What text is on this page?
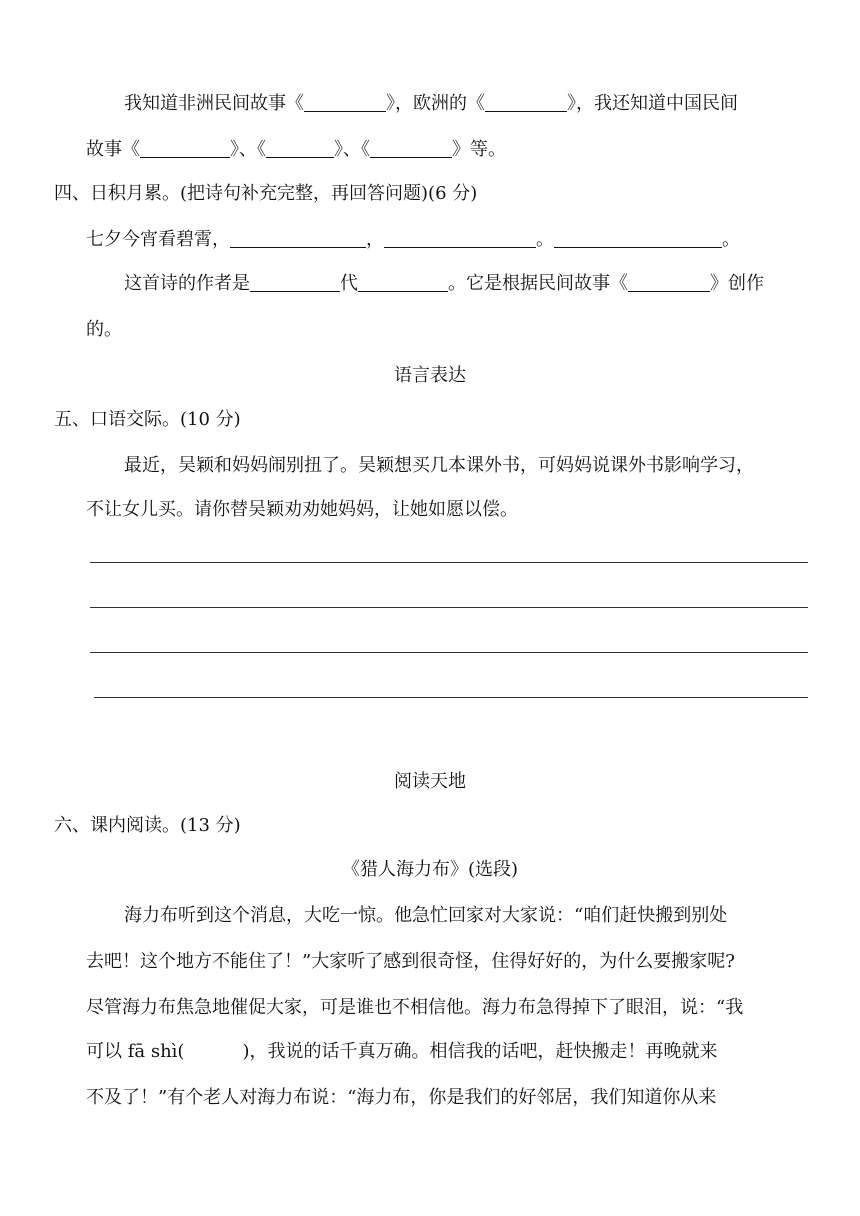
我知道非洲民间故事《	》，欧洲的《	》，我还知道中国民间
故事《	》、《	》、《	》等。
四、日积月累。(把诗句补充完整，再回答问题)(6 分)
七夕今宵看碧霄，	，	。	。
这首诗的作者是	代	。它是根据民间故事《	》创作
的。
语言表达
五、口语交际。(10 分)
最近，吴颖和妈妈闹别扭了。吴颖想买几本课外书，可妈妈说课外书影响学习，
不让女儿买。请你替吴颖劝劝她妈妈，让她如愿以偿。
阅读天地
六、课内阅读。(13 分)
《猎人海力布》(选段)
海力布听到这个消息，大吃一惊。他急忙回家对大家说：“咱们赶快搬到别处
去吧！这个地方不能住了！”大家听了感到很奇怪，住得好好的，为什么要搬家呢?
尽管海力布焦急地催促大家，可是谁也不相信他。海力布急得掉下了眼泪，说：“我
可以 fā shì(	)，我说的话千真万确。相信我的话吧，赶快搬走！再晚就来
不及了！”有个老人对海力布说：“海力布，你是我们的好邻居，我们知道你从来
